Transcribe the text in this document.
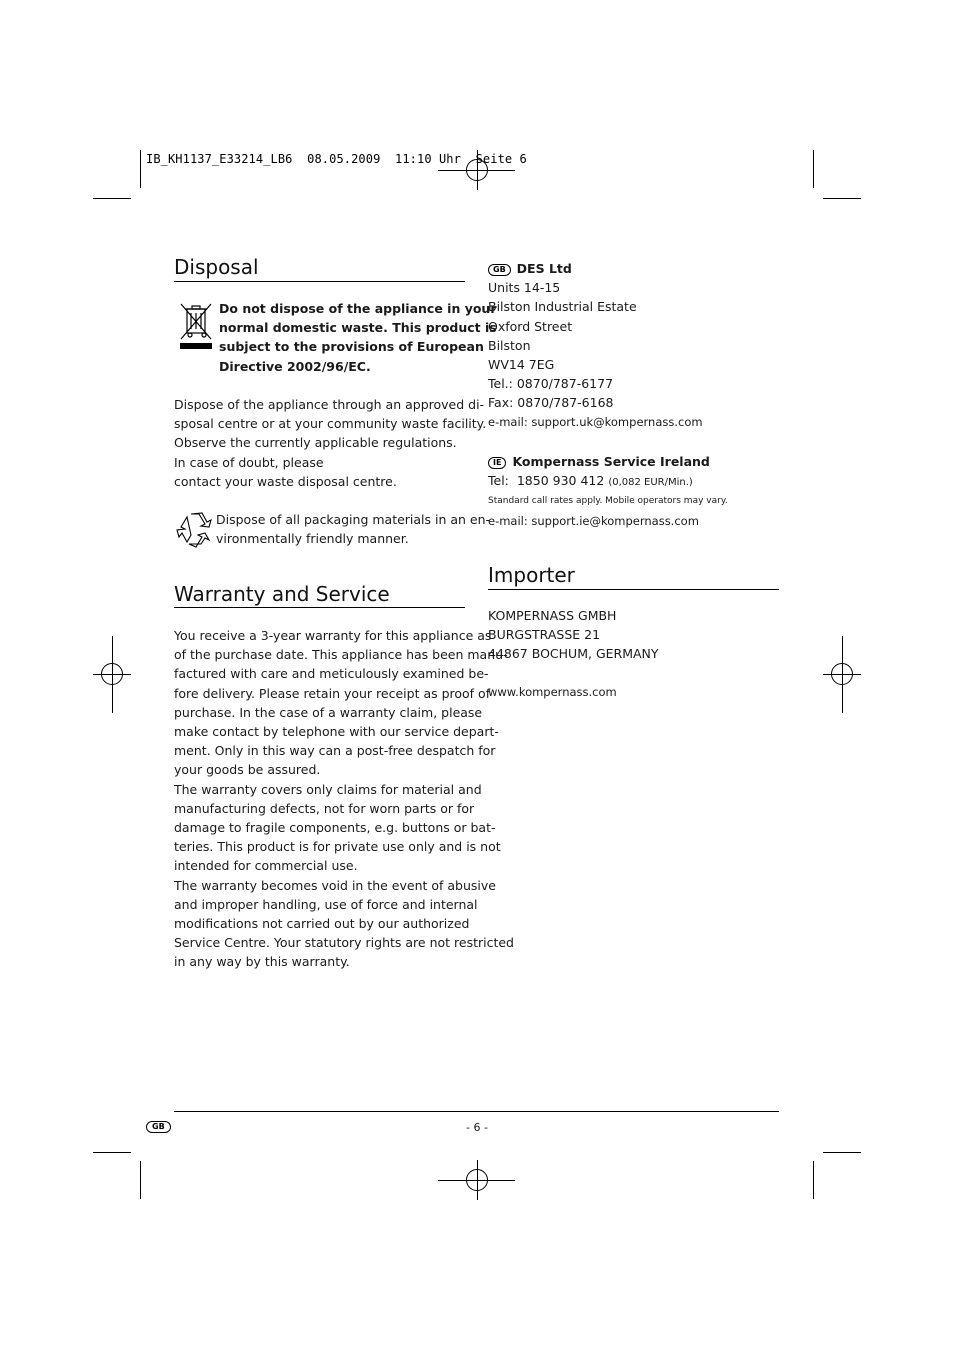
IB_KH1137_E33214_LB6  08.05.2009  11:10 Uhr  Seite 6
Disposal

Do not dispose of the appliance in your

normal domestic waste. This product is

subject to the provisions of European

Directive 2002/96/EC.

Dispose of the appliance through an approved di-

sposal centre or at your community waste facility.

Observe the currently applicable regulations.

In case of doubt, please

contact your waste disposal centre.

Dispose of all packaging materials in an en-

vironmentally friendly manner.

Warranty and Service

You receive a 3-year warranty for this appliance as

of the purchase date. This appliance has been manu-

factured with care and meticulously examined be-

fore delivery. Please retain your receipt as proof of

purchase. In the case of a warranty claim, please

make contact by telephone with our service depart-

ment. Only in this way can a post-free despatch for

your goods be assured.

The warranty covers only claims for material and

manufacturing defects, not for worn parts or for

damage to fragile components, e.g. buttons or bat-

teries. This product is for private use only and is not

intended for commercial use.

The warranty becomes void in the event of abusive

and improper handling, use of force and internal

modifications not carried out by our authorized

Service Centre. Your statutory rights are not restricted

in any way by this warranty.

GB DES Ltd

Units 14-15

Bilston Industrial Estate

Oxford Street

Bilston

WV14 7EG

Tel.: 0870/787-6177

Fax: 0870/787-6168

e-mail: support.uk@kompernass.com

IE Kompernass Service Ireland

Tel: 1850 930 412 (0,082 EUR/Min.)

Standard call rates apply. Mobile operators may vary.

e-mail: support.ie@kompernass.com

Importer

KOMPERNASS GMBH

BURGSTRASSE 21

44867 BOCHUM, GERMANY

www.kompernass.com
GB	- 6 -
